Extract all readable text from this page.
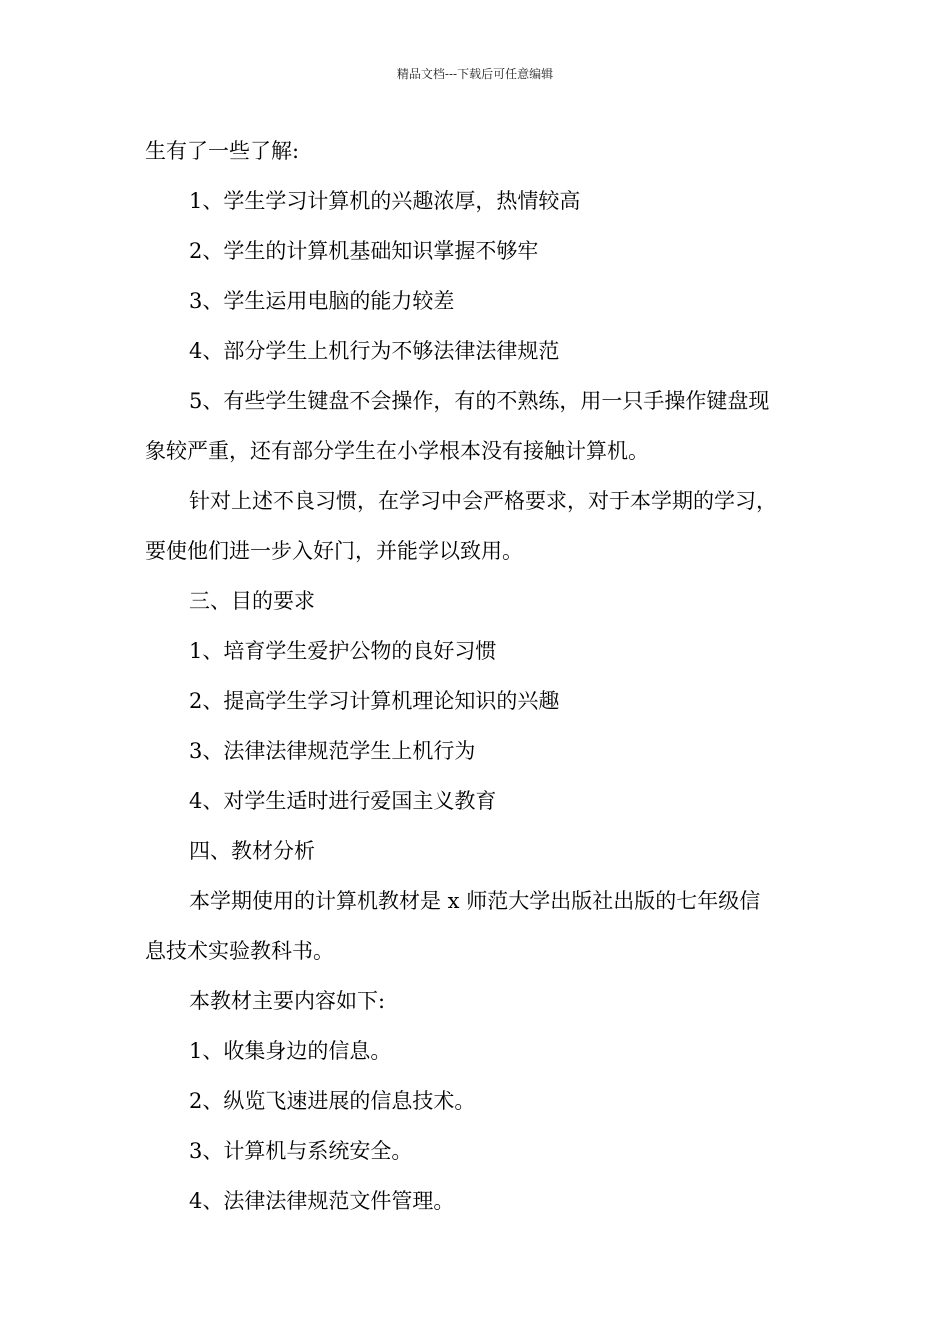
精品文档---下载后可任意编辑
生有了一些了解:
1、学生学习计算机的兴趣浓厚，热情较高
2、学生的计算机基础知识掌握不够牢
3、学生运用电脑的能力较差
4、部分学生上机行为不够法律法律规范
5、有些学生键盘不会操作，有的不熟练，用一只手操作键盘现
象较严重，还有部分学生在小学根本没有接触计算机。
针对上述不良习惯，在学习中会严格要求，对于本学期的学习，
要使他们进一步入好门，并能学以致用。
三、目的要求
1、培育学生爱护公物的良好习惯
2、提高学生学习计算机理论知识的兴趣
3、法律法律规范学生上机行为
4、对学生适时进行爱国主义教育
四、教材分析
本学期使用的计算机教材是 x 师范大学出版社出版的七年级信
息技术实验教科书。
本教材主要内容如下:
1、收集身边的信息。
2、纵览飞速进展的信息技术。
3、计算机与系统安全。
4、法律法律规范文件管理。
